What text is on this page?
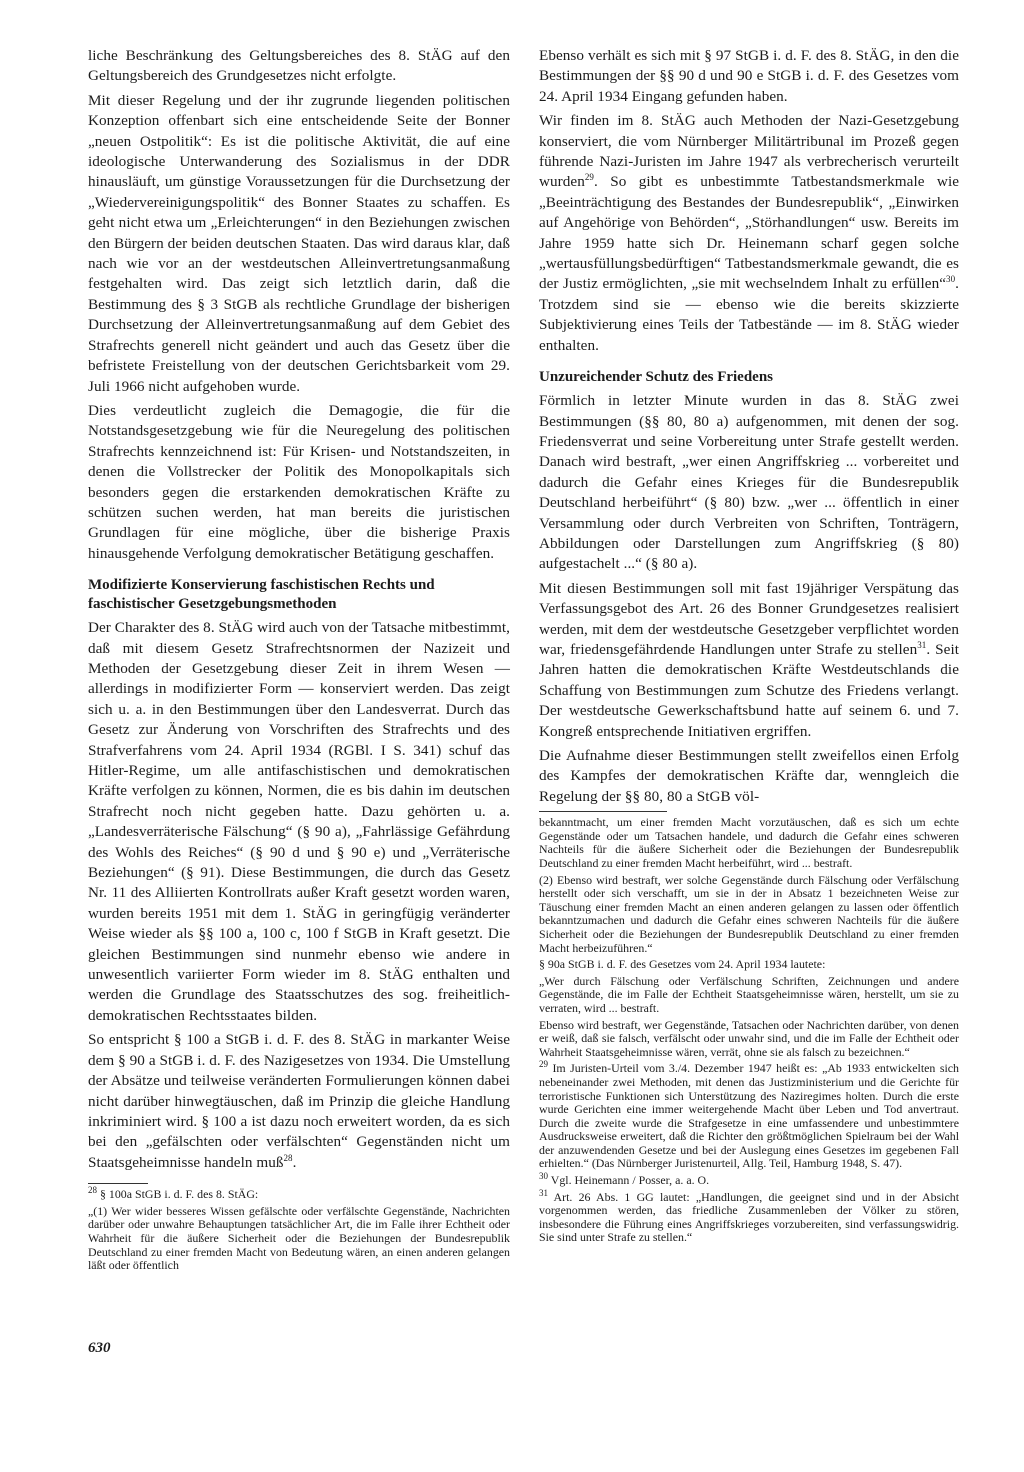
liche Beschränkung des Geltungsbereiches des 8. StÄG auf den Geltungsbereich des Grundgesetzes nicht erfolgte.

Mit dieser Regelung und der ihr zugrunde liegenden politischen Konzeption offenbart sich eine entscheidende Seite der Bonner „neuen Ostpolitik“: Es ist die politische Aktivität, die auf eine ideologische Unterwanderung des Sozialismus in der DDR hinausläuft, um günstige Voraussetzungen für die Durchsetzung der „Wiedervereinigungspolitik“ des Bonner Staates zu schaffen. Es geht nicht etwa um „Erleichterungen“ in den Beziehungen zwischen den Bürgern der beiden deutschen Staaten. Das wird daraus klar, daß nach wie vor an der westdeutschen Alleinvertretungsanmaßung festgehalten wird. Das zeigt sich letztlich darin, daß die Bestimmung des § 3 StGB als rechtliche Grundlage der bisherigen Durchsetzung der Alleinvertretungsanmaßung auf dem Gebiet des Strafrechts generell nicht geändert und auch das Gesetz über die befristete Freistellung von der deutschen Gerichtsbarkeit vom 29. Juli 1966 nicht aufgehoben wurde.

Dies verdeutlicht zugleich die Demagogie, die für die Notstandsgesetzgebung wie für die Neuregelung des politischen Strafrechts kennzeichnend ist: Für Krisen- und Notstandszeiten, in denen die Vollstrecker der Politik des Monopolkapitals sich besonders gegen die erstarkenden demokratischen Kräfte zu schützen suchen werden, hat man bereits die juristischen Grundlagen für eine mögliche, über die bisherige Praxis hinausgehende Verfolgung demokratischer Betätigung geschaffen.

Modifizierte Konservierung faschistischen Rechts und faschistischer Gesetzgebungsmethoden

Der Charakter des 8. StÄG wird auch von der Tatsache mitbestimmt, daß mit diesem Gesetz Strafrechtsnormen der Nazizeit und Methoden der Gesetzgebung dieser Zeit in ihrem Wesen — allerdings in modifizierter Form — konserviert werden. Das zeigt sich u. a. in den Bestimmungen über den Landesverrat. Durch das Gesetz zur Änderung von Vorschriften des Strafrechts und des Strafverfahrens vom 24. April 1934 (RGBl. I S. 341) schuf das Hitler-Regime, um alle antifaschistischen und demokratischen Kräfte verfolgen zu können, Normen, die es bis dahin im deutschen Strafrecht noch nicht gegeben hatte. Dazu gehörten u. a. „Landesverräterische Fälschung“ (§ 90 a), „Fahrlässige Gefährdung des Wohls des Reiches“ (§ 90 d und § 90 e) und „Verräterische Beziehungen“ (§ 91). Diese Bestimmungen, die durch das Gesetz Nr. 11 des Alliierten Kontrollrats außer Kraft gesetzt worden waren, wurden bereits 1951 mit dem 1. StÄG in geringfügig veränderter Weise wieder als §§ 100 a, 100 c, 100 f StGB in Kraft gesetzt. Die gleichen Bestimmungen sind nunmehr ebenso wie andere in unwesentlich variierter Form wieder im 8. StÄG enthalten und werden die Grundlage des Staatsschutzes des sog. freiheitlich-demokratischen Rechtsstaates bilden.

So entspricht § 100 a StGB i. d. F. des 8. StÄG in markanter Weise dem § 90 a StGB i. d. F. des Nazigesetzes von 1934. Die Umstellung der Absätze und teilweise veränderten Formulierungen können dabei nicht darüber hinwegtäuschen, daß im Prinzip die gleiche Handlung inkriminiert wird. § 100 a ist dazu noch erweitert worden, da es sich bei den „gefälschten oder verfälschten“ Gegenständen nicht um Staatsgeheimnisse handeln muß$^{28}$.

$^{28}$ § 100a StGB i. d. F. des 8. StÄG:

„(1) Wer wider besseres Wissen gefälschte oder verfälschte Gegenstände, Nachrichten darüber oder unwahre Behauptungen tatsächlicher Art, die im Falle ihrer Echtheit oder Wahrheit für die äußere Sicherheit oder die Beziehungen der Bundesrepublik Deutschland zu einer fremden Macht von Bedeutung wären, an einen anderen gelangen läßt oder öffentlich

Ebenso verhält es sich mit § 97 StGB i. d. F. des 8. StÄG, in den die Bestimmungen der §§ 90 d und 90 e StGB i. d. F. des Gesetzes vom 24. April 1934 Eingang gefunden haben.

Wir finden im 8. StÄG auch Methoden der Nazi-Gesetzgebung konserviert, die vom Nürnberger Militärtribunal im Prozeß gegen führende Nazi-Juristen im Jahre 1947 als verbrecherisch verurteilt wurden$^{29}$. So gibt es unbestimmte Tatbestandsmerkmale wie „Beeinträchtigung des Bestandes der Bundesrepublik“, „Einwirken auf Angehörige von Behörden“, „Störhandlungen“ usw. Bereits im Jahre 1959 hatte sich Dr. Heinemann scharf gegen solche „wertausfüllungsbedürftigen“ Tatbestandsmerkmale gewandt, die es der Justiz ermöglichten, „sie mit wechselndem Inhalt zu erfüllen“$^{30}$. Trotzdem sind sie — ebenso wie die bereits skizzierte Subjektivierung eines Teils der Tatbestände — im 8. StÄG wieder enthalten.

Unzureichender Schutz des Friedens

Förmlich in letzter Minute wurden in das 8. StÄG zwei Bestimmungen (§§ 80, 80 a) aufgenommen, mit denen der sog. Friedensverrat und seine Vorbereitung unter Strafe gestellt werden. Danach wird bestraft, „wer einen Angriffskrieg ... vorbereitet und dadurch die Gefahr eines Krieges für die Bundesrepublik Deutschland herbeiführt“ (§ 80) bzw. „wer ... öffentlich in einer Versammlung oder durch Verbreiten von Schriften, Tonträgern, Abbildungen oder Darstellungen zum Angriffskrieg (§ 80) aufgestachelt ...“ (§ 80 a).

Mit diesen Bestimmungen soll mit fast 19jähriger Verspätung das Verfassungsgebot des Art. 26 des Bonner Grundgesetzes realisiert werden, mit dem der westdeutsche Gesetzgeber verpflichtet worden war, friedensgefährdende Handlungen unter Strafe zu stellen$^{31}$. Seit Jahren hatten die demokratischen Kräfte Westdeutschlands die Schaffung von Bestimmungen zum Schutze des Friedens verlangt. Der westdeutsche Gewerkschaftsbund hatte auf seinem 6. und 7. Kongreß entsprechende Initiativen ergriffen.

Die Aufnahme dieser Bestimmungen stellt zweifellos einen Erfolg des Kampfes der demokratischen Kräfte dar, wenngleich die Regelung der §§ 80, 80 a StGB völ-

bekanntmacht, um einer fremden Macht vorzutäuschen, daß es sich um echte Gegenstände oder um Tatsachen handele, und dadurch die Gefahr eines schweren Nachteils für die äußere Sicherheit oder die Beziehungen der Bundesrepublik Deutschland zu einer fremden Macht herbeiführt, wird ... bestraft.

(2) Ebenso wird bestraft, wer solche Gegenstände durch Fälschung oder Verfälschung herstellt oder sich verschafft, um sie in der in Absatz 1 bezeichneten Weise zur Täuschung einer fremden Macht an einen anderen gelangen zu lassen oder öffentlich bekanntzumachen und dadurch die Gefahr eines schweren Nachteils für die äußere Sicherheit oder die Beziehungen der Bundesrepublik Deutschland zu einer fremden Macht herbeizuführen.“

§ 90a StGB i. d. F. des Gesetzes vom 24. April 1934 lautete:

„Wer durch Fälschung oder Verfälschung Schriften, Zeichnungen und andere Gegenstände, die im Falle der Echtheit Staatsgeheimnisse wären, herstellt, um sie zu verraten, wird ... bestraft.

Ebenso wird bestraft, wer Gegenstände, Tatsachen oder Nachrichten darüber, von denen er weiß, daß sie falsch, verfälscht oder unwahr sind, und die im Falle der Echtheit oder Wahrheit Staatsgeheimnisse wären, verrät, ohne sie als falsch zu bezeichnen.“

$^{29}$ Im Juristen-Urteil vom 3./4. Dezember 1947 heißt es: „Ab 1933 entwickelten sich nebeneinander zwei Methoden, mit denen das Justizministerium und die Gerichte für terroristische Funktionen sich Unterstützung des Naziregimes holten. Durch die erste wurde Gerichten eine immer weitergehende Macht über Leben und Tod anvertraut. Durch die zweite wurde die Strafgesetze in eine umfassendere und unbestimmtere Ausdrucksweise erweitert, daß die Richter den größtmöglichen Spielraum bei der Wahl der anzuwendenden Gesetze und bei der Auslegung eines Gesetzes im gegebenen Fall erhielten.“ (Das Nürnberger Juristenurteil, Allg. Teil, Hamburg 1948, S. 47).

$^{30}$ Vgl. Heinemann / Posser, a. a. O.

$^{31}$ Art. 26 Abs. 1 GG lautet: „Handlungen, die geeignet sind und in der Absicht vorgenommen werden, das friedliche Zusammenleben der Völker zu stören, insbesondere die Führung eines Angriffskrieges vorzubereiten, sind verfassungswidrig. Sie sind unter Strafe zu stellen.“

630
